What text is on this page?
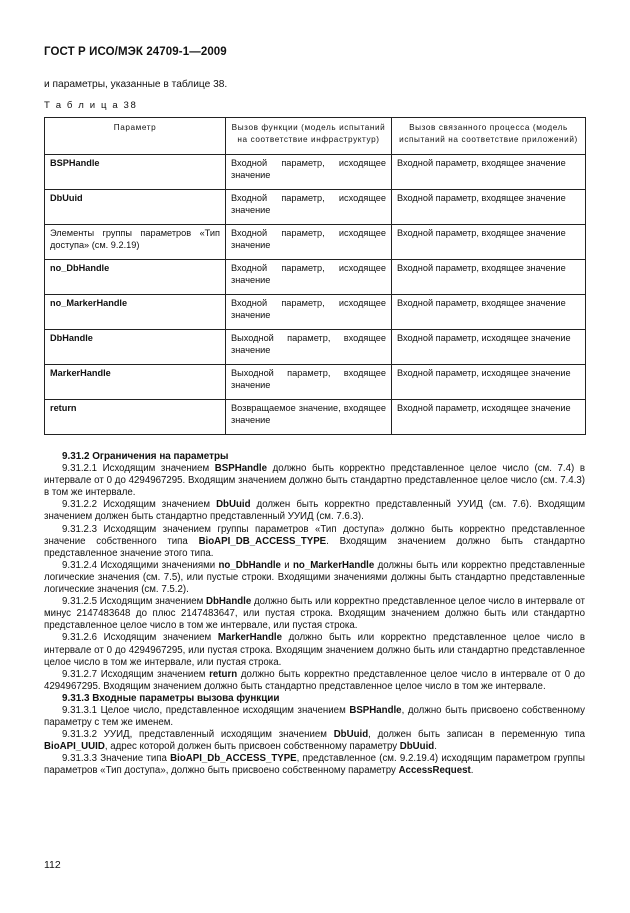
ГОСТ Р ИСО/МЭК 24709-1—2009
и параметры, указанные в таблице 38.
Т а б л и ц а 38
Параметр	Вызов функции (модель испытаний на соответствие инфраструктур)	Вызов связанного процесса (модель испытаний на соответствие приложений)
BSPHandle	Входной параметр, исходящее значение	Входной параметр, входящее значение
DbUuid	Входной параметр, исходящее значение	Входной параметр, входящее значение
Элементы группы параметров «Тип доступа» (см. 9.2.19)	Входной параметр, исходящее значение	Входной параметр, входящее значение
no_DbHandle	Входной параметр, исходящее значение	Входной параметр, входящее значение
no_MarkerHandle	Входной параметр, исходящее значение	Входной параметр, входящее значение
DbHandle	Выходной параметр, входящее значение	Входной параметр, исходящее значение
MarkerHandle	Выходной параметр, входящее значение	Входной параметр, исходящее значение
return	Возвращаемое значение, входящее значение	Входной параметр, исходящее значение
9.31.2 Ограничения на параметры

9.31.2.1 Исходящим значением BSPHandle должно быть корректно представленное целое число (см. 7.4) в интервале от 0 до 4294967295. Входящим значением должно быть стандартно представленное целое число (см. 7.4.3) в том же интервале.

9.31.2.2 Исходящим значением DbUuid должен быть корректно представленный УУИД (см. 7.6). Входящим значением должен быть стандартно представленный УУИД (см. 7.6.3).

9.31.2.3 Исходящим значением группы параметров «Тип доступа» должно быть корректно представленное значение собственного типа BioAPI_DB_ACCESS_TYPE. Входящим значением должно быть стандартно представленное значение этого типа.

9.31.2.4 Исходящими значениями no_DbHandle и no_MarkerHandle должны быть или корректно представленные логические значения (см. 7.5), или пустые строки. Входящими значениями должны быть стандартно представленные логические значения (см. 7.5.2).

9.31.2.5 Исходящим значением DbHandle должно быть или корректно представленное целое число в интервале от минус 2147483648 до плюс 2147483647, или пустая строка. Входящим значением должно быть или стандартно представленное целое число в том же интервале, или пустая строка.

9.31.2.6 Исходящим значением MarkerHandle должно быть или корректно представленное целое число в интервале от 0 до 4294967295, или пустая строка. Входящим значением должно быть или стандартно представленное целое число в том же интервале, или пустая строка.

9.31.2.7 Исходящим значением return должно быть корректно представленное целое число в интервале от 0 до 4294967295. Входящим значением должно быть стандартно представленное целое число в том же интервале.

9.31.3 Входные параметры вызова функции

9.31.3.1 Целое число, представленное исходящим значением BSPHandle, должно быть присвоено собственному параметру с тем же именем.

9.31.3.2 УУИД, представленный исходящим значением DbUuid, должен быть записан в переменную типа BioAPI_UUID, адрес которой должен быть присвоен собственному параметру DbUuid.

9.31.3.3 Значение типа BioAPI_Db_ACCESS_TYPE, представленное (см. 9.2.19.4) исходящим параметром группы параметров «Тип доступа», должно быть присвоено собственному параметру AccessRequest.

112
